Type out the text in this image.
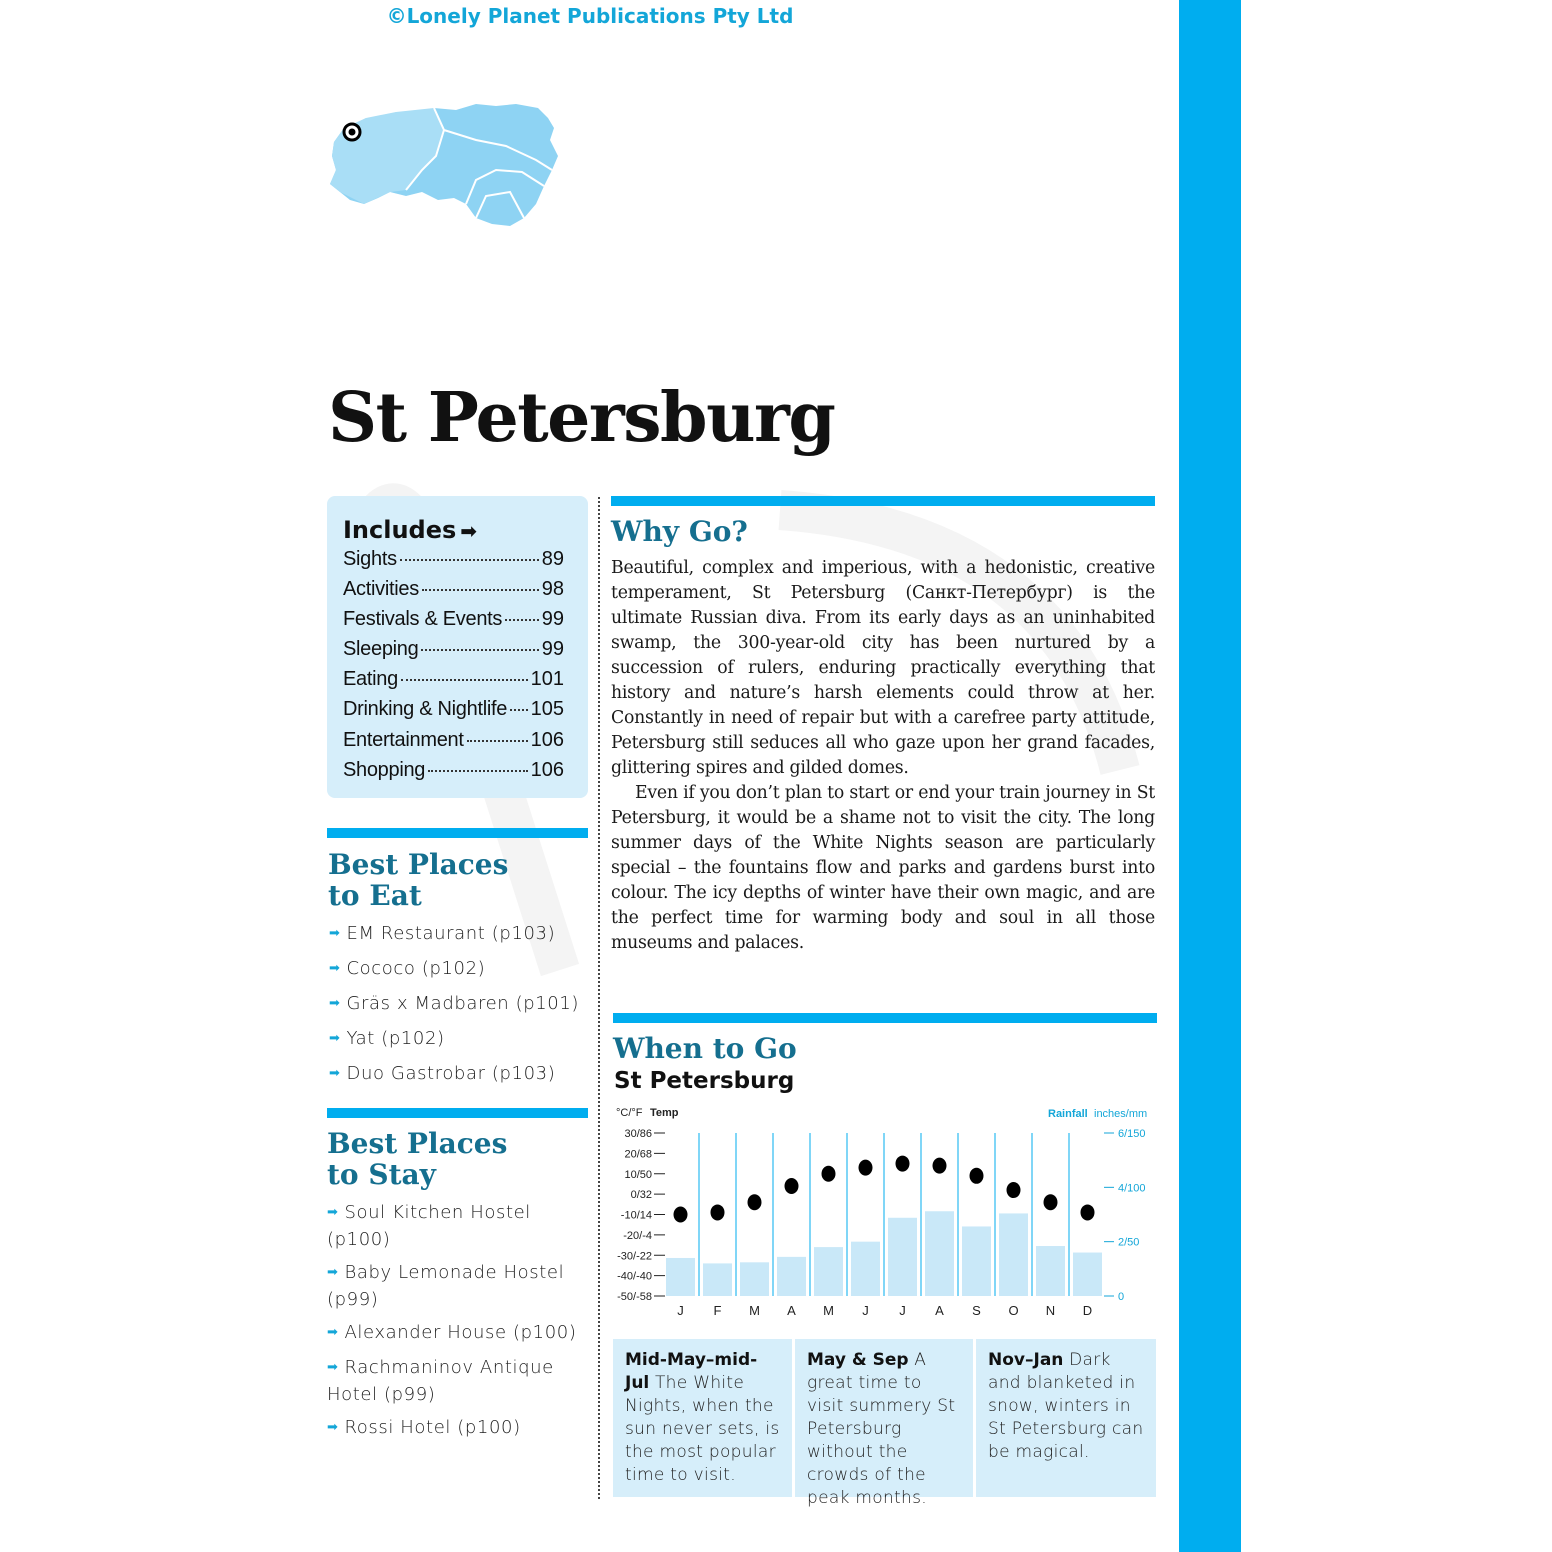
©Lonely Planet Publications Pty Ltd
St Petersburg
Includes ➡
Sights	89
Activities	98
Festivals & Events 99
Sleeping	99
Eating	101
Drinking & Nightlife 105
Entertainment	106
Shopping	106
Best Places
to Eat
➡ EM Restaurant (p103)
➡ Cococo (p102)
➡ Gräs x Madbaren (p101)
➡ Yat (p102)
➡ Duo Gastrobar (p103)
Best Places
to Stay
➡ Soul Kitchen Hostel (p100)
➡ Baby Lemonade Hostel (p99)
➡ Alexander House (p100)
➡ Rachmaninov Antique Hotel (p99)
➡ Rossi Hotel (p100)
Why Go?

Beautiful, complex and imperious, with a hedonistic, creative temperament, St Petersburg (Санкт-Петербург) is the ultimate Russian diva. From its early days as an uninhabited swamp, the 300-year-old city has been nurtured by a succession of rulers, enduring practically everything that history and nature’s harsh elements could throw at her. Constantly in need of repair but with a carefree party attitude, Petersburg still seduces all who gaze upon her grand facades, glittering spires and gilded domes.

Even if you don’t plan to start or end your train journey in St Petersburg, it would be a shame not to visit the city. The long summer days of the White Nights season are particularly special – the fountains flow and parks and gardens burst into colour. The icy depths of winter have their own magic, and are the perfect time for warming body and soul in all those museums and palaces.

When to Go
St Petersburg
°C/°F Temp	Rainfall inches/mm
30/86
20/68
10/50
0/32
-10/14
-20/-4
-30/-22
-40/-40
-50/-58
6/150
4/100
2/50
0
J F M A M J J A S O N D
Mid-May–mid-Jul The White Nights, when the sun never sets, is the most popular time to visit.
May & Sep A great time to visit summery St Petersburg without the crowds of the peak months.
Nov–Jan Dark and blanketed in snow, winters in St Petersburg can be magical.
